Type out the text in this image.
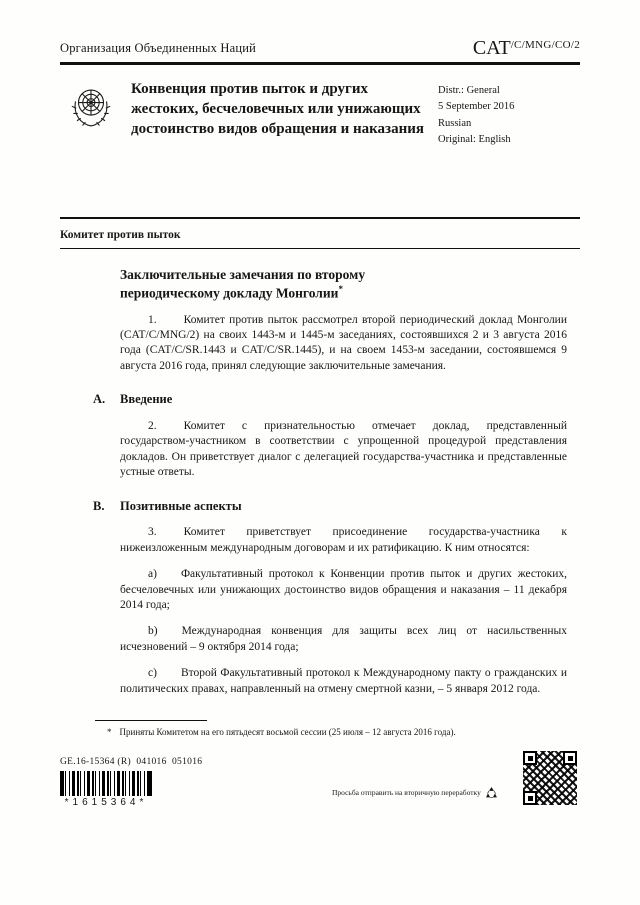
Организация Объединенных Наций	$CAT^{/C/MNG/CO/2}$
Конвенция против пыток и других жестоких, бесчеловечных или унижающих достоинство видов обращения и наказания
Distr.: General
5 September 2016
Russian
Original: English
Комитет против пыток
Заключительные замечания по второму периодическому докладу Монголии*

1. Комитет против пыток рассмотрел второй периодический доклад Монголии (CAT/C/MNG/2) на своих 1443-м и 1445-м заседаниях, состоявшихся 2 и 3 августа 2016 года (CAT/C/SR.1443 и CAT/C/SR.1445), и на своем 1453-м заседании, состоявшемся 9 августа 2016 года, принял следующие заключительные замечания.

A.	Введение

2. Комитет с признательностью отмечает доклад, представленный государством-участником в соответствии с упрощенной процедурой представления докладов. Он приветствует диалог с делегацией государства-участника и представленные устные ответы.

B.	Позитивные аспекты

3. Комитет приветствует присоединение государства-участника к нижеизложенным международным договорам и их ратификацию. К ним относятся:

a) Факультативный протокол к Конвенции против пыток и других жестоких, бесчеловечных или унижающих достоинство видов обращения и наказания – 11 декабря 2014 года;

b) Международная конвенция для защиты всех лиц от насильственных исчезновений – 9 октября 2014 года;

c) Второй Факультативный протокол к Международному пакту о гражданских и политических правах, направленный на отмену смертной казни, – 5 января 2012 года.

* Приняты Комитетом на его пятьдесят восьмой сессии (25 июля – 12 августа 2016 года).
GE.16-15364 (R)  041016  051016
*1615364*
Просьба отправить на вторичную переработку
